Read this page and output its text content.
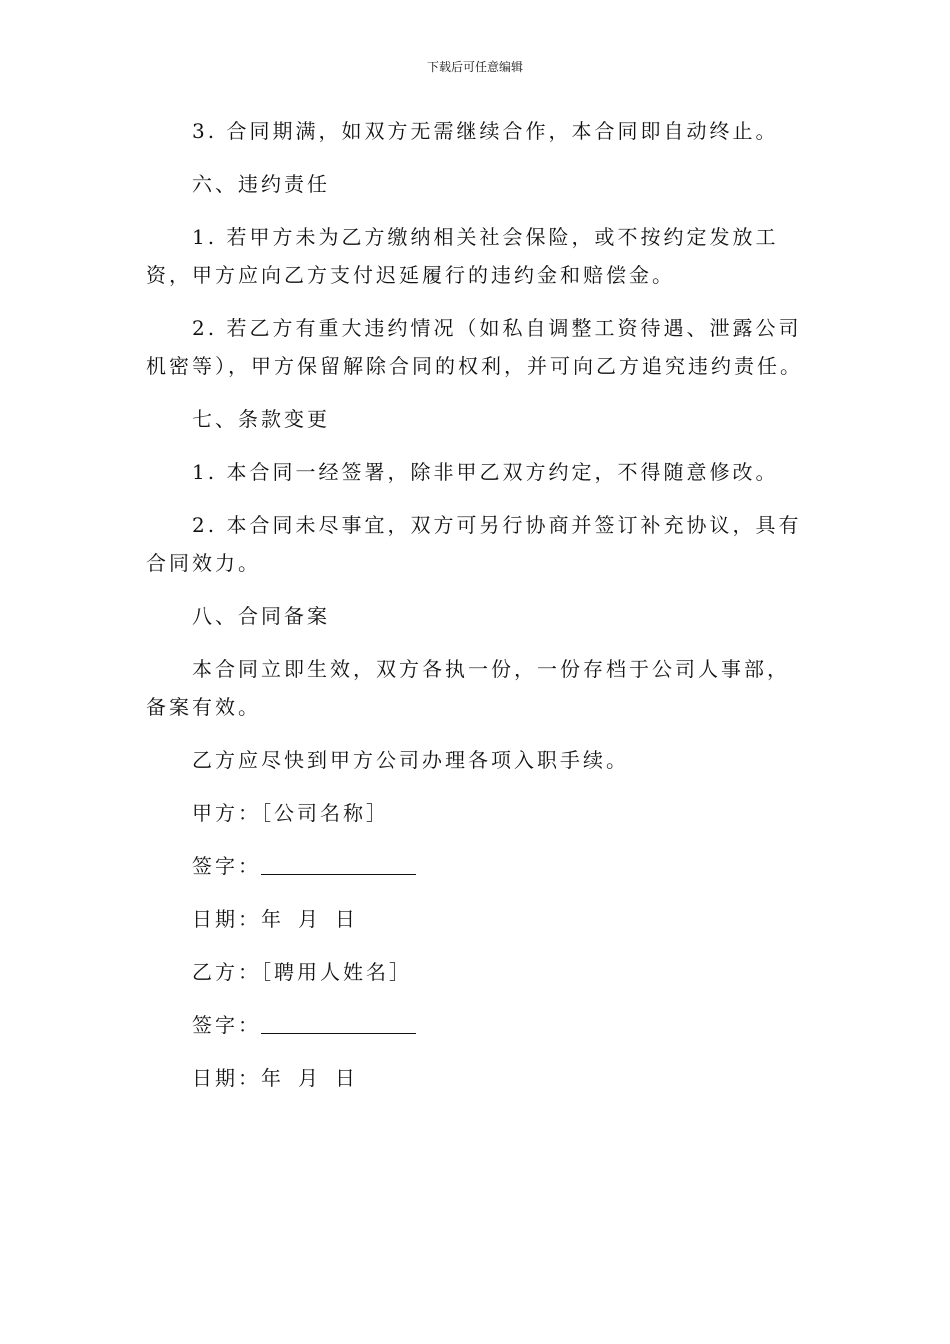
下载后可任意编辑

3. 合同期满，如双方无需继续合作，本合同即自动终止。

六、违约责任

1. 若甲方未为乙方缴纳相关社会保险，或不按约定发放工资，甲方应向乙方支付迟延履行的违约金和赔偿金。

2. 若乙方有重大违约情况（如私自调整工资待遇、泄露公司机密等），甲方保留解除合同的权利，并可向乙方追究违约责任。

七、条款变更

1. 本合同一经签署，除非甲乙双方约定，不得随意修改。

2. 本合同未尽事宜，双方可另行协商并签订补充协议，具有合同效力。

八、合同备案

本合同立即生效，双方各执一份，一份存档于公司人事部，备案有效。

乙方应尽快到甲方公司办理各项入职手续。

甲方：［公司名称］

签字：

日期：年 月 日

乙方：［聘用人姓名］

签字：

日期：年 月 日
